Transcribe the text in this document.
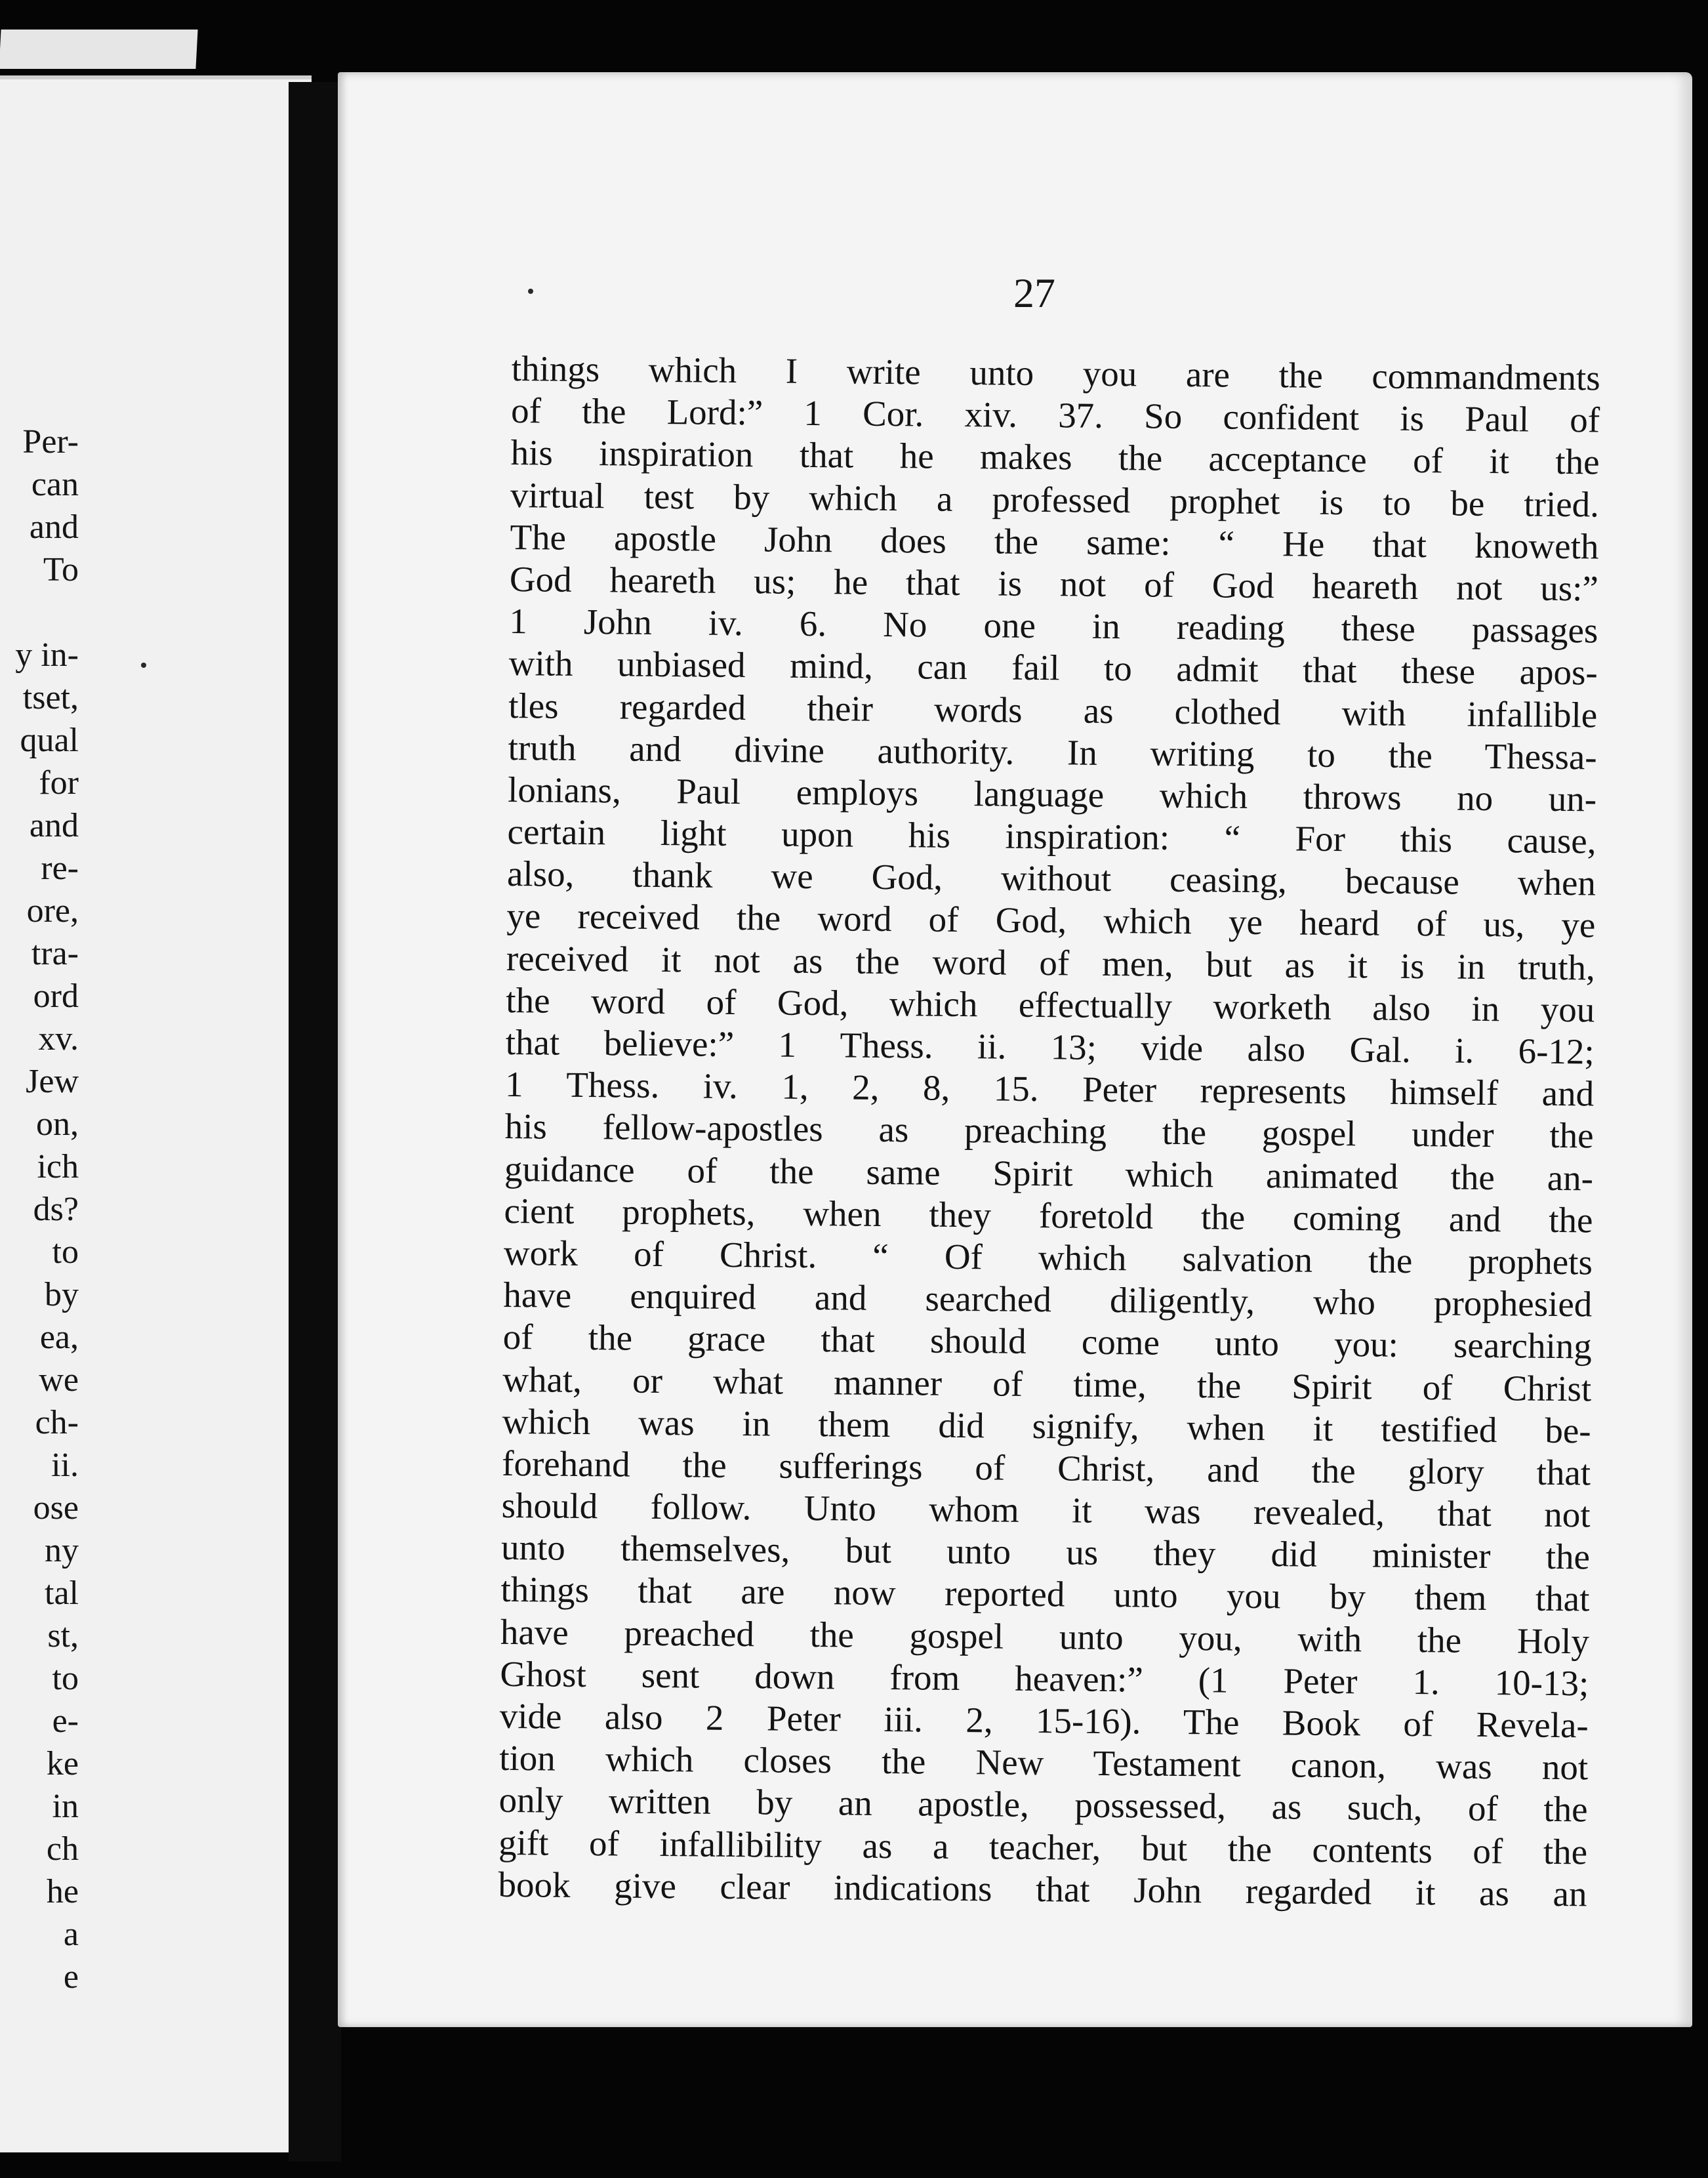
Per-
can
and
To
y in-
tset,
qual
for
and
re-
ore,
tra-
ord
xv.
Jew
on,
ich
ds?
to
by
ea,
we
ch-
ii.
ose
ny
tal
st,
to
e-
ke
in
ch
he
a
e
27
things which I write unto you are the commandments
of the Lord:” 1 Cor. xiv. 37. So confident is Paul of
his inspiration that he makes the acceptance of it the
virtual test by which a professed prophet is to be tried.
The apostle John does the same: “ He that knoweth
God heareth us; he that is not of God heareth not us:”
1 John iv. 6. No one in reading these passages
with unbiased mind, can fail to admit that these apos-
tles regarded their words as clothed with infallible
truth and divine authority. In writing to the Thessa-
lonians, Paul employs language which throws no un-
certain light upon his inspiration: “ For this cause,
also, thank we God, without ceasing, because when
ye received the word of God, which ye heard of us, ye
received it not as the word of men, but as it is in truth,
the word of God, which effectually worketh also in you
that believe:” 1 Thess. ii. 13; vide also Gal. i. 6-12;
1 Thess. iv. 1, 2, 8, 15. Peter represents himself and
his fellow-apostles as preaching the gospel under the
guidance of the same Spirit which animated the an-
cient prophets, when they foretold the coming and the
work of Christ. “ Of which salvation the prophets
have enquired and searched diligently, who prophesied
of the grace that should come unto you: searching
what, or what manner of time, the Spirit of Christ
which was in them did signify, when it testified be-
forehand the sufferings of Christ, and the glory that
should follow. Unto whom it was revealed, that not
unto themselves, but unto us they did minister the
things that are now reported unto you by them that
have preached the gospel unto you, with the Holy
Ghost sent down from heaven:” (1 Peter 1. 10-13;
vide also 2 Peter iii. 2, 15-16). The Book of Revela-
tion which closes the New Testament canon, was not
only written by an apostle, possessed, as such, of the
gift of infallibility as a teacher, but the contents of the
book give clear indications that John regarded it as an
